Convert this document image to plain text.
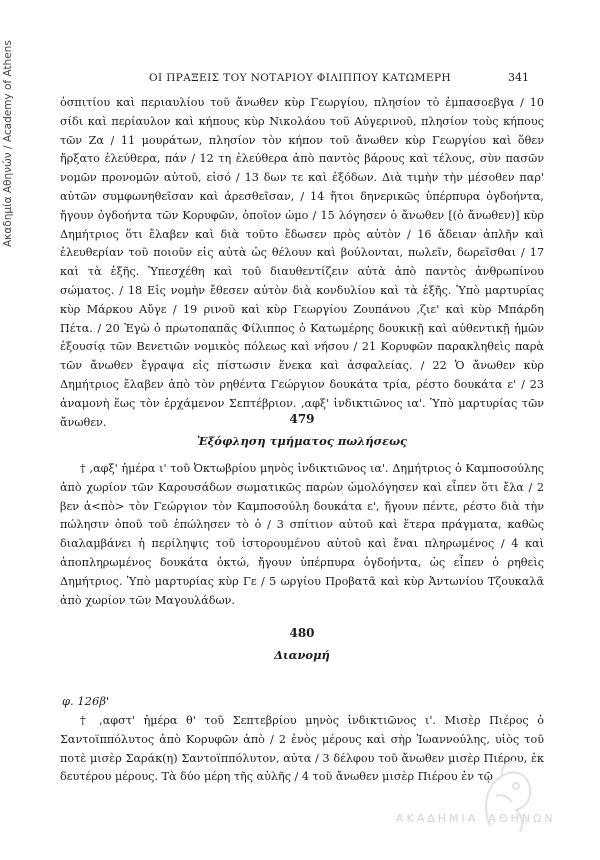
Ακαδημία Αθηνών / Academy of Athens	ΟΙ ΠΡΑΞΕΙΣ ΤΟΥ ΝΟΤΑΡΙΟΥ ΦΙΛΙΠΠΟΥ ΚΑΤΩΜΕΡΗ	341

ὁσπιτίου καὶ περιαυλίου τοῦ ἄνωθεν κὺρ Γεωργίου, πλησίον τὸ ἐμπασοεβγα / 10 σίδι καὶ περίαυλον καὶ κήπους κὺρ Νικολάου τοῦ Αὐγερινοῦ, πλησίον τοὺς κήπους τῶν Ζα / 11 μουράτων, πλησίον τὸν κήπον τοῦ ἄνωθεν κὺρ Γεωργίου καὶ ὅθεν ἤρξατο ἐλεύθερα, πάν / 12 τη ἐλεύθερα ἀπὸ παντὸς βάρους καὶ τέλους, σὺν πασῶν νομῶν προνομῶν αὐτοῦ, εἰσό / 13 δων τε καὶ ἐξόδων. Διὰ τιμὴν τὴν μέσοθεν παρ' αὐτῶν συμφωνηθεῖσαν καὶ ἀρεσθεῖσαν, / 14 ἤτοι δηνερικῶς ὑπέρπυρα ὀγδοήντα, ἤγουν ὀγδοήντα τῶν Κορυφῶν, ὁποῖον ὡμο / 15 λόγησεν ὁ ἄνωθεν [(ὁ ἄνωθεν)] κὺρ Δημήτριος ὅτι ἔλαβεν καὶ διὰ τοῦτο ἔδωσεν πρὸς αὐτὸν / 16 ἄδειαν ἁπλῆν καὶ ἐλευθερίαν τοῦ ποιοῦν εἰς αὐτὰ ὡς θέλουν καὶ βούλονται, πωλεῖν, δωρεῖσθαι / 17 καὶ τὰ ἑξῆς. Ὑπεσχέθη καὶ τοῦ διαυθεντίζειν αὐτὰ ἀπὸ παντὸς ἀνθρωπίνου σώματος. / 18 Εἰς νομὴν ἔθεσεν αὐτὸν διὰ κονδυλίου καὶ τὰ ἑξῆς. Ὑπὸ μαρτυρίας κὺρ Μάρκου Αὔγε / 19 ρινοῦ καὶ κὺρ Γεωργίου Ζουπάνου ,ζιε' καὶ κὺρ Μπάρδη Πέτα. / 20 Ἐγὼ ὁ πρωτοπαπᾶς Φίλιππος ὁ Κατωμέρης δουκικῇ καὶ αὐθεντικῇ ἡμῶν ἐξουσίᾳ τῶν Βενετιῶν νομικὸς πόλεως καὶ νήσου / 21 Κορυφῶν παρακληθεὶς παρὰ τῶν ἄνωθεν ἔγραψα εἰς πίστωσιν ἕνεκα καὶ ἀσφαλείας. / 22 Ὁ ἄνωθεν κὺρ Δημήτριος ἔλαβεν ἀπὸ τὸν ρηθέντα Γεώργιον δουκάτα τρία, ρέστο δουκάτα ε' / 23 ἀναμονὴ ἕως τὸν ἐρχάμενον Σεπτέβριον. ,αφξ' ἰνδικτιῶνος ια'. Ὑπὸ μαρτυρίας τῶν ἄνωθεν.	479
Ἐξόφληση τμήματος πωλήσεως

† ,αφξ' ἡμέρα ι' τοῦ Ὀκτωβρίου μηνὸς ἰνδικτιῶνος ια'. Δημήτριος ὁ Καμποσούλης ἀπὸ χωρίον τῶν Καρουσάδων σωματικῶς παρὼν ὡμολόγησεν καὶ εἶπεν ὅτι ἔλα / 2 βεν ἀ<πὸ> τὸν Γεώργιον τὸν Καμποσούλη δουκάτα ε', ἤγουν πέντε, ρέστο διὰ τὴν πώλησιν ὁποῦ τοῦ ἐπώλησεν τὸ ὁ / 3 σπίτιον αὐτοῦ καὶ ἕτερα πράγματα, καθὼς διαλαμβάνει ἡ περίληψις τοῦ ἱστορουμένου αὐτοῦ καὶ ἔναι πληρωμένος / 4 καὶ ἀποπληρωμένος δουκάτα ὀκτώ, ἤγουν ὑπέρπυρα ὀγδοήντα, ὡς εἶπεν ὁ ρηθεὶς Δημήτριος. Ὑπὸ μαρτυρίας κὺρ Γε / 5 ωργίου Προβατᾶ καὶ κὺρ Ἀντωνίου Τζουκαλᾶ ἀπὸ χωρίον τῶν Μαγουλάδων.

480
Διανομή
φ. 126β'

† ,αφστ' ἡμέρα θ' τοῦ Σεπτεβρίου μηνὸς ἰνδικτιῶνος ι'. Μισὲρ Πιέρος ὁ Σαντοϊππόλυτος ἀπὸ Κορυφῶν ἀπὸ / 2 ἑνὸς μέρους καὶ σὴρ Ἰωαννούλης, υἱὸς τοῦ ποτὲ μισὲρ Σαράκ(η) Σαντοϊππόλυτον, αὐτα / 3 δέλφου τοῦ ἄνωθεν μισὲρ Πιέρου, ἐκ δευτέρου μέρους. Τὰ δύο μέρη τῆς αὐλῆς / 4 τοῦ ἄνωθεν μισὲρ Πιέρου ἐν τῷ

ΑΚΑΔΗΜΙΑ ΑΘΗΝΩΝ
